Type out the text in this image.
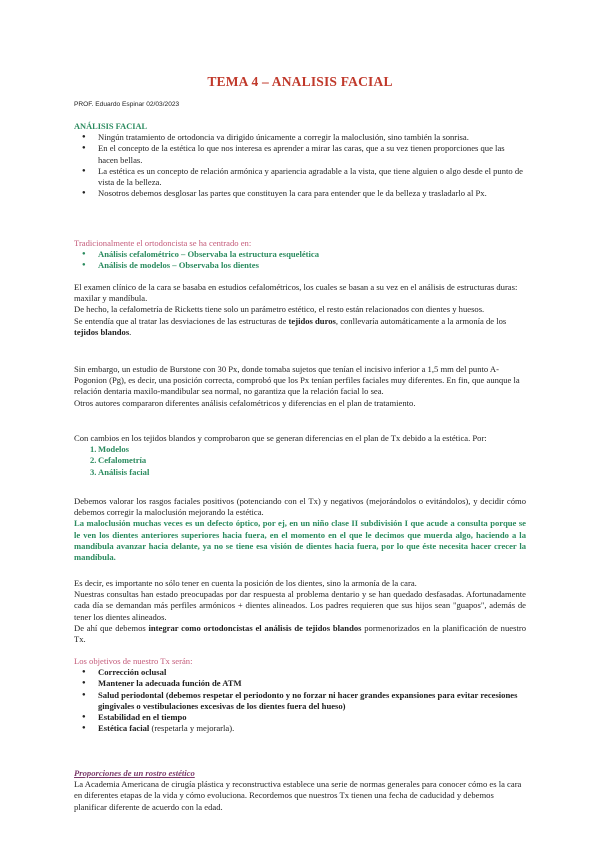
TEMA 4 – ANALISIS FACIAL
PROF. Eduardo Espinar 02/03/2023
ANÁLISIS FACIAL
● Ningún tratamiento de ortodoncia va dirigido únicamente a corregir la maloclusión, sino también la sonrisa.
● En el concepto de la estética lo que nos interesa es aprender a mirar las caras, que a su vez tienen proporciones que las hacen bellas.
● La estética es un concepto de relación armónica y apariencia agradable a la vista, que tiene alguien o algo desde el punto de vista de la belleza.
● Nosotros debemos desglosar las partes que constituyen la cara para entender que le da belleza y trasladarlo al Px.
Tradicionalmente el ortodoncista se ha centrado en:
● Análisis cefalométrico – Observaba la estructura esquelética
● Análisis de modelos – Observaba los dientes

El examen clínico de la cara se basaba en estudios cefalométricos, los cuales se basan a su vez en el análisis de estructuras duras: maxilar y mandíbula.

De hecho, la cefalometría de Ricketts tiene solo un parámetro estético, el resto están relacionados con dientes y huesos.

Se entendía que al tratar las desviaciones de las estructuras de tejidos duros, conllevaría automáticamente a la armonía de los tejidos blandos.

Sin embargo, un estudio de Burstone con 30 Px, donde tomaba sujetos que tenían el incisivo inferior a 1,5 mm del punto A-Pogonion (Pg), es decir, una posición correcta, comprobó que los Px tenían perfiles faciales muy diferentes. En fin, que aunque la relación dentaria maxilo-mandibular sea normal, no garantiza que la relación facial lo sea.

Otros autores compararon diferentes análisis cefalométricos y diferencias en el plan de tratamiento.

Con cambios en los tejidos blandos y comprobaron que se generan diferencias en el plan de Tx debido a la estética. Por:

1. Modelos
2. Cefalometría
3. Análisis facial

Debemos valorar los rasgos faciales positivos (potenciando con el Tx) y negativos (mejorándolos o evitándolos), y decidir cómo debemos corregir la maloclusión mejorando la estética.

La maloclusión muchas veces es un defecto óptico, por ej, en un niño clase II subdivisión I que acude a consulta porque se le ven los dientes anteriores superiores hacia fuera, en el momento en el que le decimos que muerda algo, haciendo a la mandíbula avanzar hacia delante, ya no se tiene esa visión de dientes hacia fuera, por lo que éste necesita hacer crecer la mandíbula.

Es decir, es importante no sólo tener en cuenta la posición de los dientes, sino la armonía de la cara.

Nuestras consultas han estado preocupadas por dar respuesta al problema dentario y se han quedado desfasadas. Afortunadamente cada día se demandan más perfiles armónicos + dientes alineados. Los padres requieren que sus hijos sean "guapos", además de tener los dientes alineados.

De ahí que debemos integrar como ortodoncistas el análisis de tejidos blandos pormenorizados en la planificación de nuestro Tx.

Los objetivos de nuestro Tx serán:
● Corrección oclusal
● Mantener la adecuada función de ATM
● Salud periodontal (debemos respetar el periodonto y no forzar ni hacer grandes expansiones para evitar recesiones gingivales o vestibulaciones excesivas de los dientes fuera del hueso)
● Estabilidad en el tiempo
● Estética facial (respetarla y mejorarla).
Proporciones de un rostro estético

La Academia Americana de cirugía plástica y reconstructiva establece una serie de normas generales para conocer cómo es la cara en diferentes etapas de la vida y cómo evoluciona. Recordemos que nuestros Tx tienen una fecha de caducidad y debemos planificar diferente de acuerdo con la edad.
